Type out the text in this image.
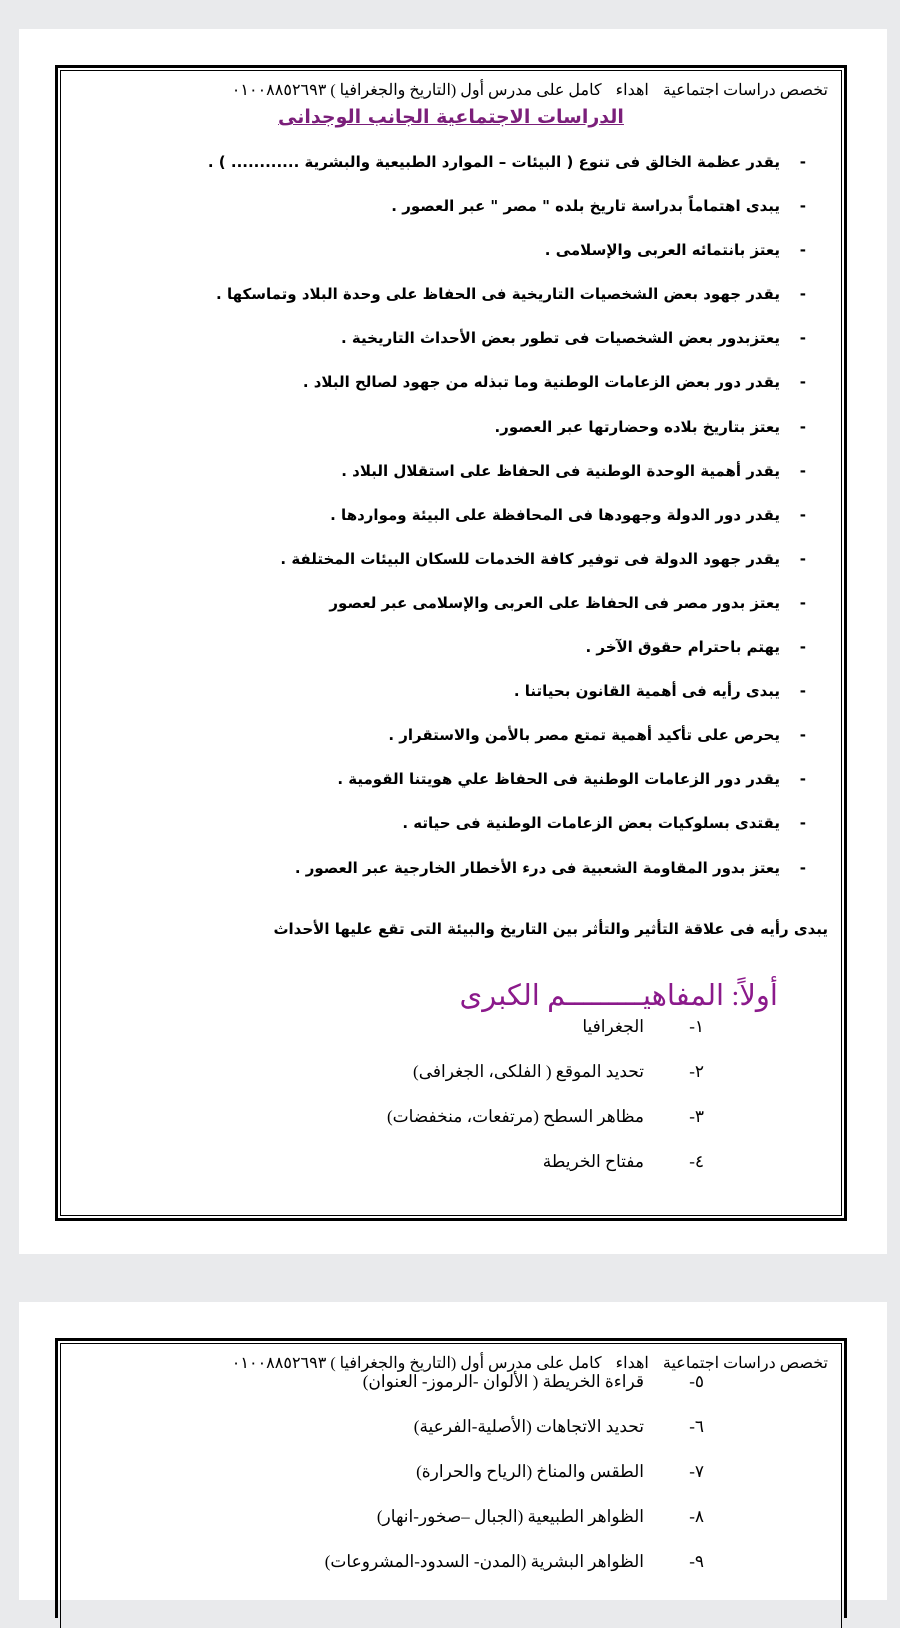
تخصص دراسات اجتماعيةاهداءكامل على مدرس أول (التاريخ والجغرافيا ) ٠١٠٠٨٨٥٢٦٩٣
الدراسات الاجتماعية الجانب الوجدانى
-يقدر عظمة الخالق فى تنوع ( البيئات – الموارد الطبيعية والبشرية ............ ) .
-يبدى اهتماماً بدراسة تاريخ بلده " مصر " عبر العصور .
-يعتز بانتمائه العربى والإسلامى .
-يقدر جهود بعض الشخصيات التاريخية فى الحفاظ على وحدة البلاد وتماسكها .
-يعتزبدور بعض الشخصيات فى تطور بعض الأحداث التاريخية .
-يقدر دور بعض الزعامات الوطنية وما تبذله من جهود لصالح البلاد .
-يعتز بتاريخ بلاده وحضارتها عبر العصور.
-يقدر أهمية الوحدة الوطنية فى الحفاظ على استقلال البلاد .
-يقدر دور الدولة وجهودها فى المحافظة على البيئة ومواردها .
-يقدر جهود الدولة فى توفير كافة الخدمات للسكان البيئات المختلفة .
-يعتز بدور مصر فى الحفاظ على العربى والإسلامى عبر لعصور
-يهتم باحترام حقوق الآخر .
-يبدى رأيه فى أهمية القانون بحياتنا .
-يحرص على تأكيد أهمية تمتع مصر بالأمن والاستقرار .
-يقدر دور الزعامات الوطنية فى الحفاظ علي هويتنا القومية .
-يقتدى بسلوكيات بعض الزعامات الوطنية فى حياته .
-يعتز بدور المقاومة الشعبية فى درء الأخطار الخارجية عبر العصور .
يبدى رأيه فى علاقة التأثير والتأثر بين التاريخ والبيئة التى تقع عليها الأحداث
أولاً: المفاهيـــــــــم الكبرى
١-الجغرافيا
٢-تحديد الموقع ( الفلكى، الجغرافى)
٣-مظاهر السطح (مرتفعات، منخفضات)
٤-مفتاح الخريطة
تخصص دراسات اجتماعيةاهداءكامل على مدرس أول (التاريخ والجغرافيا ) ٠١٠٠٨٨٥٢٦٩٣
٥-قراءة الخريطة ( الألوان -الرموز- العنوان)
٦-تحديد الاتجاهات (الأصلية-الفرعية)
٧-الطقس والمناخ (الرياح والحرارة)
٨-الظواهر الطبيعية (الجبال –صخور-انهار)
٩-الظواهر البشرية (المدن- السدود-المشروعات)
